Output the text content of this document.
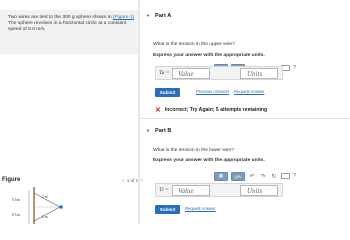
Two wires are tied to the 300 g sphere shown in (Figure 1) The sphere revolves in a horizontal circle at a constant speed of 8.0 m/s.
Figure	< 1 of 1 >
2 m
2 m
0.5 m
0.5 m
▼ Part A
What is the tension in the upper wire?
Express your answer with the appropriate units.
?
Tu =	Value	Units
Submit	Previous Answers Request Answer
✕ Incorrect; Try Again; 5 attempts remaining
▼ Part B
What is the tension in the lower wire?
Express your answer with the appropriate units.
▦	μA	↶ ↷ ↻	?
Tl =	Value	Units
Submit	Request Answer
